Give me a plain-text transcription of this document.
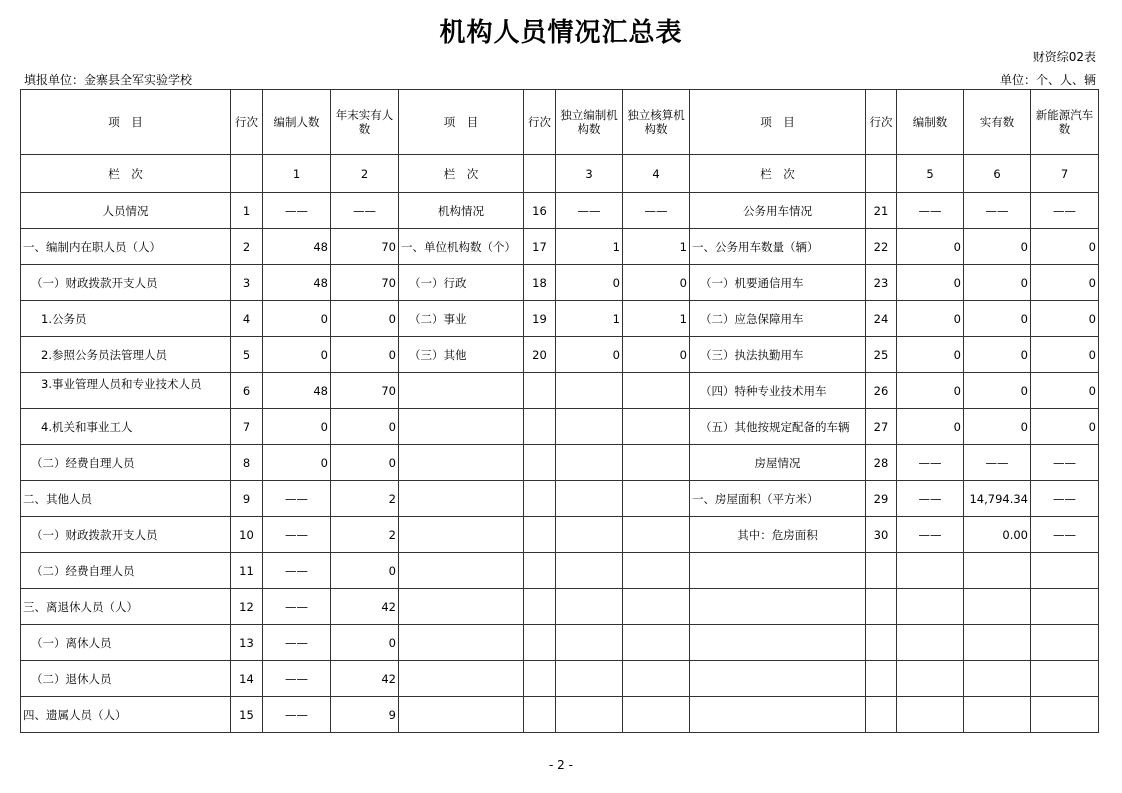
机构人员情况汇总表
财资综02表
填报单位：金寨县全军实验学校	单位：个、人、辆
项　目	行次	编制人数	年末实有人数	项　目	行次	独立编制机构数	独立核算机构数	项　目	行次	编制数	实有数	新能源汽车数
栏　次		1	2	栏　次		3	4	栏　次		5	6	7
人员情况	1	——	——	机构情况	16	——	——	公务用车情况	21	——	——	——
一、编制内在职人员（人）	2	48	70	一、单位机构数（个）	17	1	1	一、公务用车数量（辆）	22	0	0	0
（一）财政拨款开支人员	3	48	70	（一）行政	18	0	0	（一）机要通信用车	23	0	0	0
1.公务员	4	0	0	（二）事业	19	1	1	（二）应急保障用车	24	0	0	0
2.参照公务员法管理人员	5	0	0	（三）其他	20	0	0	（三）执法执勤用车	25	0	0	0
3.事业管理人员和专业技术人员	6	48	70					（四）特种专业技术用车	26	0	0	0
4.机关和事业工人	7	0	0					（五）其他按规定配备的车辆	27	0	0	0
（二）经费自理人员	8	0	0					房屋情况	28	——	——	——
二、其他人员	9	——	2					一、房屋面积（平方米）	29	——	14,794.34	——
（一）财政拨款开支人员	10	——	2					其中：危房面积	30	——	0.00	——
（二）经费自理人员	11	——	0									
三、离退休人员（人）	12	——	42									
（一）离休人员	13	——	0									
（二）退休人员	14	——	42									
四、遗属人员（人）	15	——	9									
- 2 -
